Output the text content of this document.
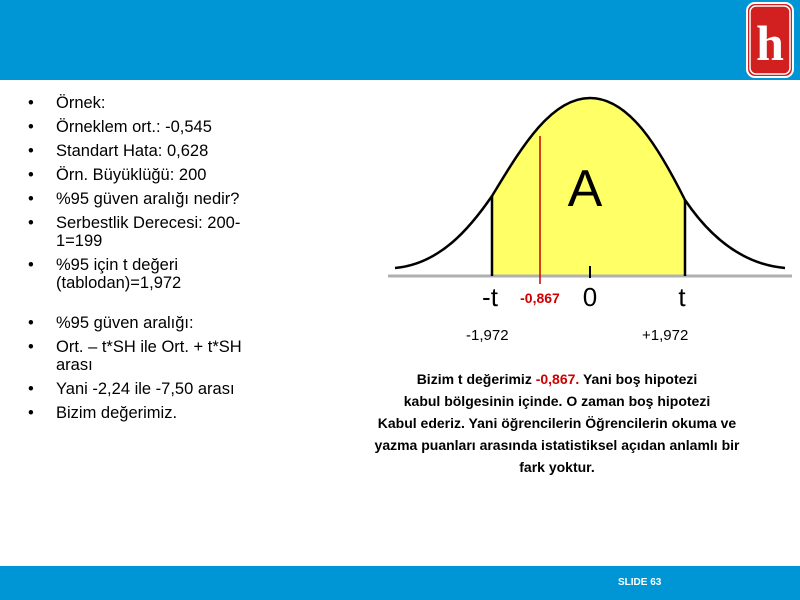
h
• Örnek:
• Örneklem ort.: -0,545
• Standart Hata: 0,628
• Örn. Büyüklüğü: 200
• %95 güven aralığı nedir?
• Serbestlik Derecesi: 200-1=199
• %95 için t değeri (tablodan)=1,972
• %95 güven aralığı:
• Ort. – t*SH ile Ort. + t*SH arası
• Yani -2,24 ile -7,50 arası
• Bizim değerimiz.
A
-t -0,867 0	t
-1,972	+1,972
Bizim t değerimiz -0,867. Yani boş hipotezi
kabul bölgesinin içinde. O zaman boş hipotezi
Kabul ederiz. Yani öğrencilerin Öğrencilerin okuma ve
yazma puanları arasında istatistiksel açıdan anlamlı bir
fark yoktur.
SLIDE 63
